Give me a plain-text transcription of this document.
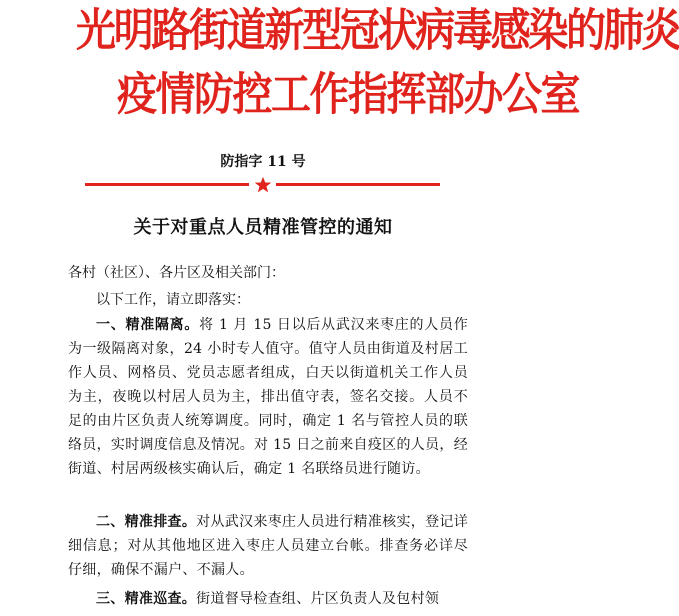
光明路街道新型冠状病毒感染的肺炎
疫情防控工作指挥部办公室
防指字 11 号
关于对重点人员精准管控的通知
各村（社区）、各片区及相关部门：
以下工作，请立即落实：
一、精准隔离。将 1 月 15 日以后从武汉来枣庄的人员作为一级隔离对象，24 小时专人值守。值守人员由街道及村居工作人员、网格员、党员志愿者组成，白天以街道机关工作人员为主，夜晚以村居人员为主，排出值守表，签名交接。人员不足的由片区负责人统筹调度。同时，确定 1 名与管控人员的联络员，实时调度信息及情况。对 15 日之前来自疫区的人员，经街道、村居两级核实确认后，确定 1 名联络员进行随访。
二、精准排查。对从武汉来枣庄人员进行精准核实，登记详细信息；对从其他地区进入枣庄人员建立台帐。排查务必详尽仔细，确保不漏户、不漏人。
三、精准巡查。街道督导检查组、片区负责人及包村领
